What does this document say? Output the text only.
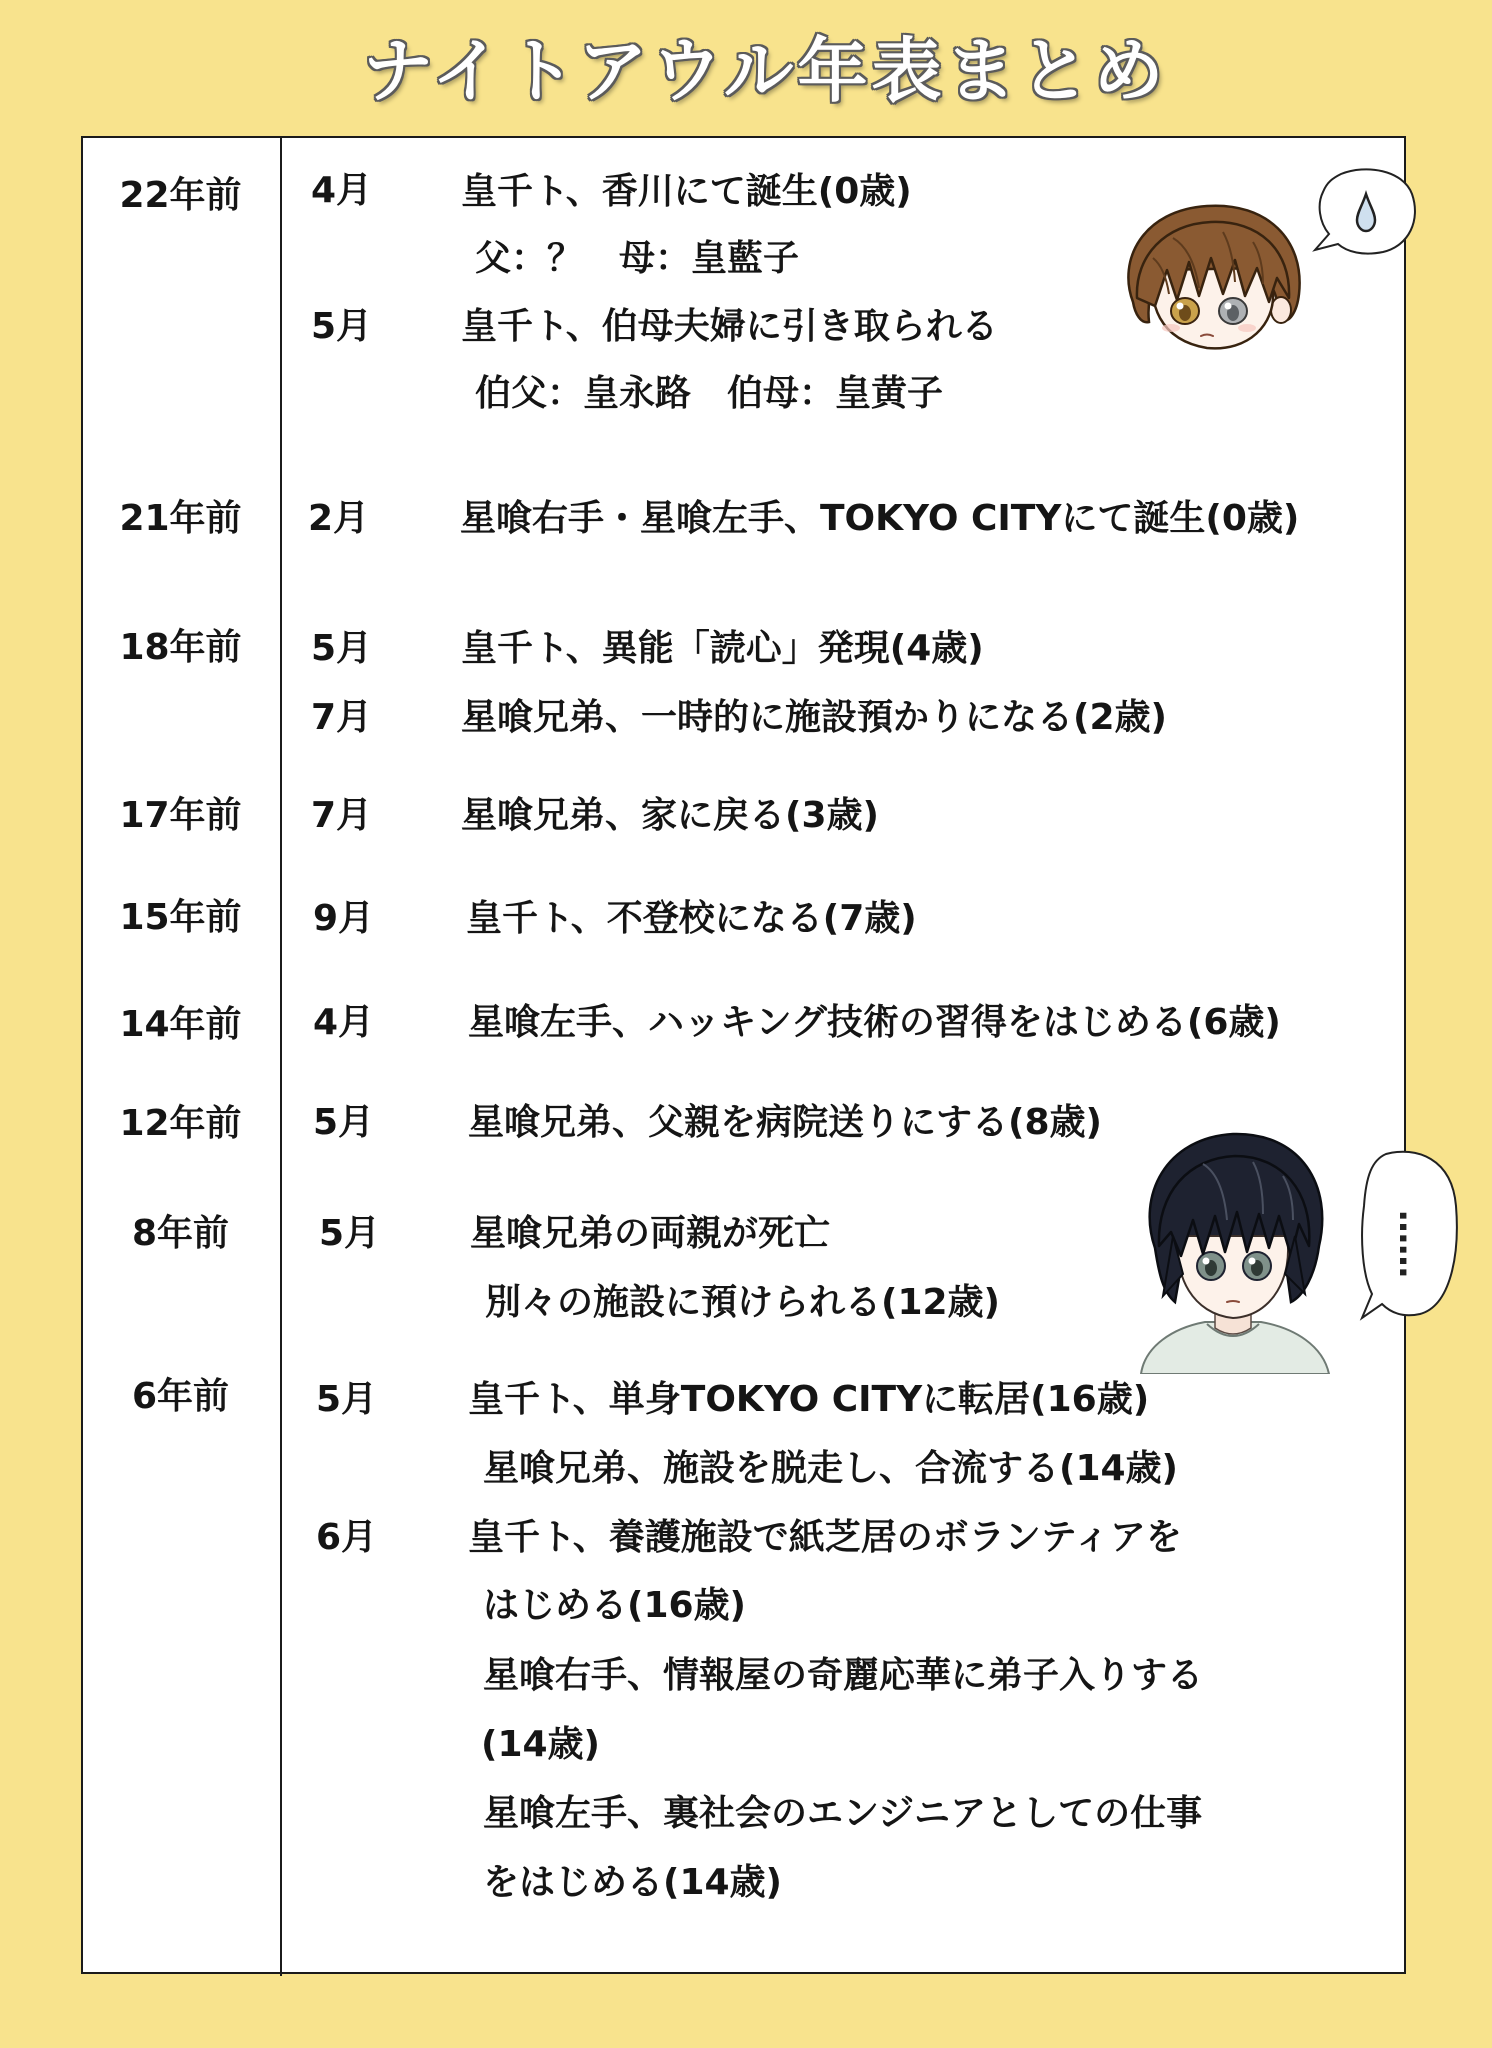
ナイトアウル年表まとめ
22年前	4月 皇千ト、香川にて誕生(0歳)
父：？　母：皇藍子
5月 皇千ト、伯母夫婦に引き取られる
伯父：皇永路　伯母：皇黄子
21年前	2月	星喰右手・星喰左手、TOKYO CITYにて誕生(0歳)
18年前	5月 皇千ト、異能「読心」発現(4歳)
7月 星喰兄弟、一時的に施設預かりになる(2歳)
17年前	7月 星喰兄弟、家に戻る(3歳)
15年前	9月	皇千ト、不登校になる(7歳)
14年前	4月	星喰左手、ハッキング技術の習得をはじめる(6歳)
12年前	5月	星喰兄弟、父親を病院送りにする(8歳)
8年前	5月 星喰兄弟の両親が死亡
別々の施設に預けられる(12歳)
6年前	5月	皇千ト、単身TOKYO CITYに転居(16歳)
星喰兄弟、施設を脱走し、合流する(14歳)
6月	皇千ト、養護施設で紙芝居のボランティアを
はじめる(16歳)
星喰右手、情報屋の奇麗応華に弟子入りする
(14歳)
星喰左手、裏社会のエンジニアとしての仕事
をはじめる(14歳)
……
